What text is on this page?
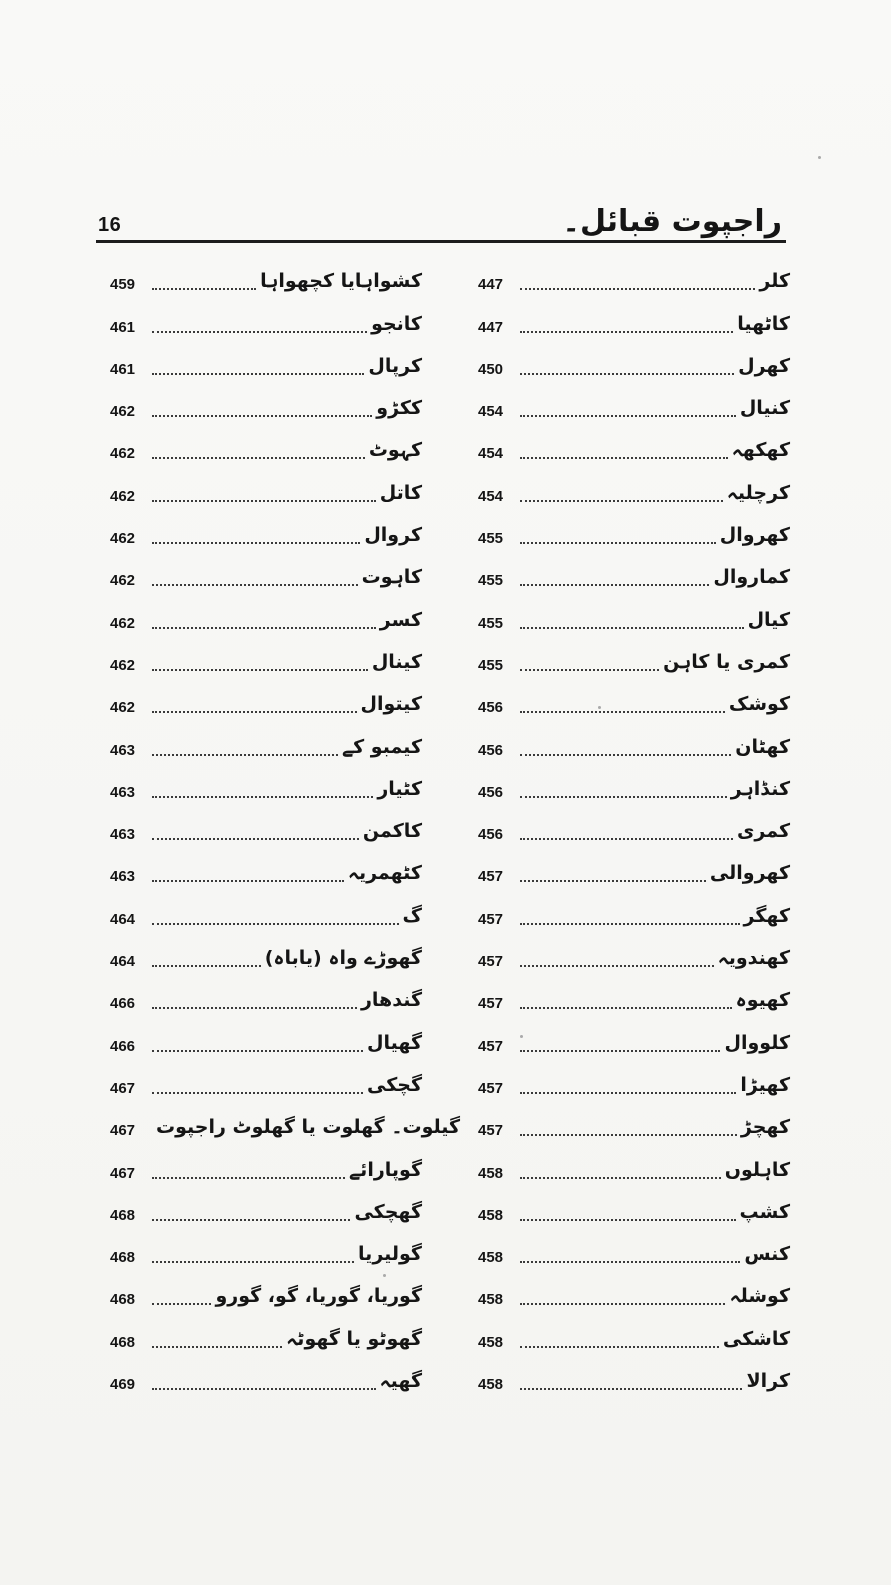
16	راجپوت قبائل۔
447	کلر
447	کاٹھیا
450	کھرل
454	کنیال
454	کھکھہ
454	کرچلیہ
455	کھروال
455	کماروال
455	کیال
455	کمری یا کاہن
456	کوشک
456	کھٹان
456	کنڈاہر
456	کمری
457	کھروالی
457	کھگر
457	کھندویہ
457	کھیوہ
457	کلووال
457	کھیڑا
457	کھچڑ
458	کاہلوں
458	کشپ
458	کنس
458	کوشلہ
458	کاشکی
458	کرالا
459	کشواہایا کچھواہا
461	کانجو
461	کرپال
462	ککڑو
462	کہوٹ
462	کاتل
462	کروال
462	کاہوت
462	کسر
462	کینال
462	کیتوال
463	کیمبو کے
463	کٹیار
463	کاکمن
463	کٹھمریہ
464	گ
464	گھوڑے واہ (یاباہ)
466	گندھار
466	گھیال
467	گچکی
467	گیلوت۔ گھلوت یا گھلوٹ راجپوت
467	گوپارائے
468	گھچکی
468	گولیریا
468	گوریا، گوریا، گو، گورو
468	گھوٹو یا گھوٹہ
469	گھیہ
